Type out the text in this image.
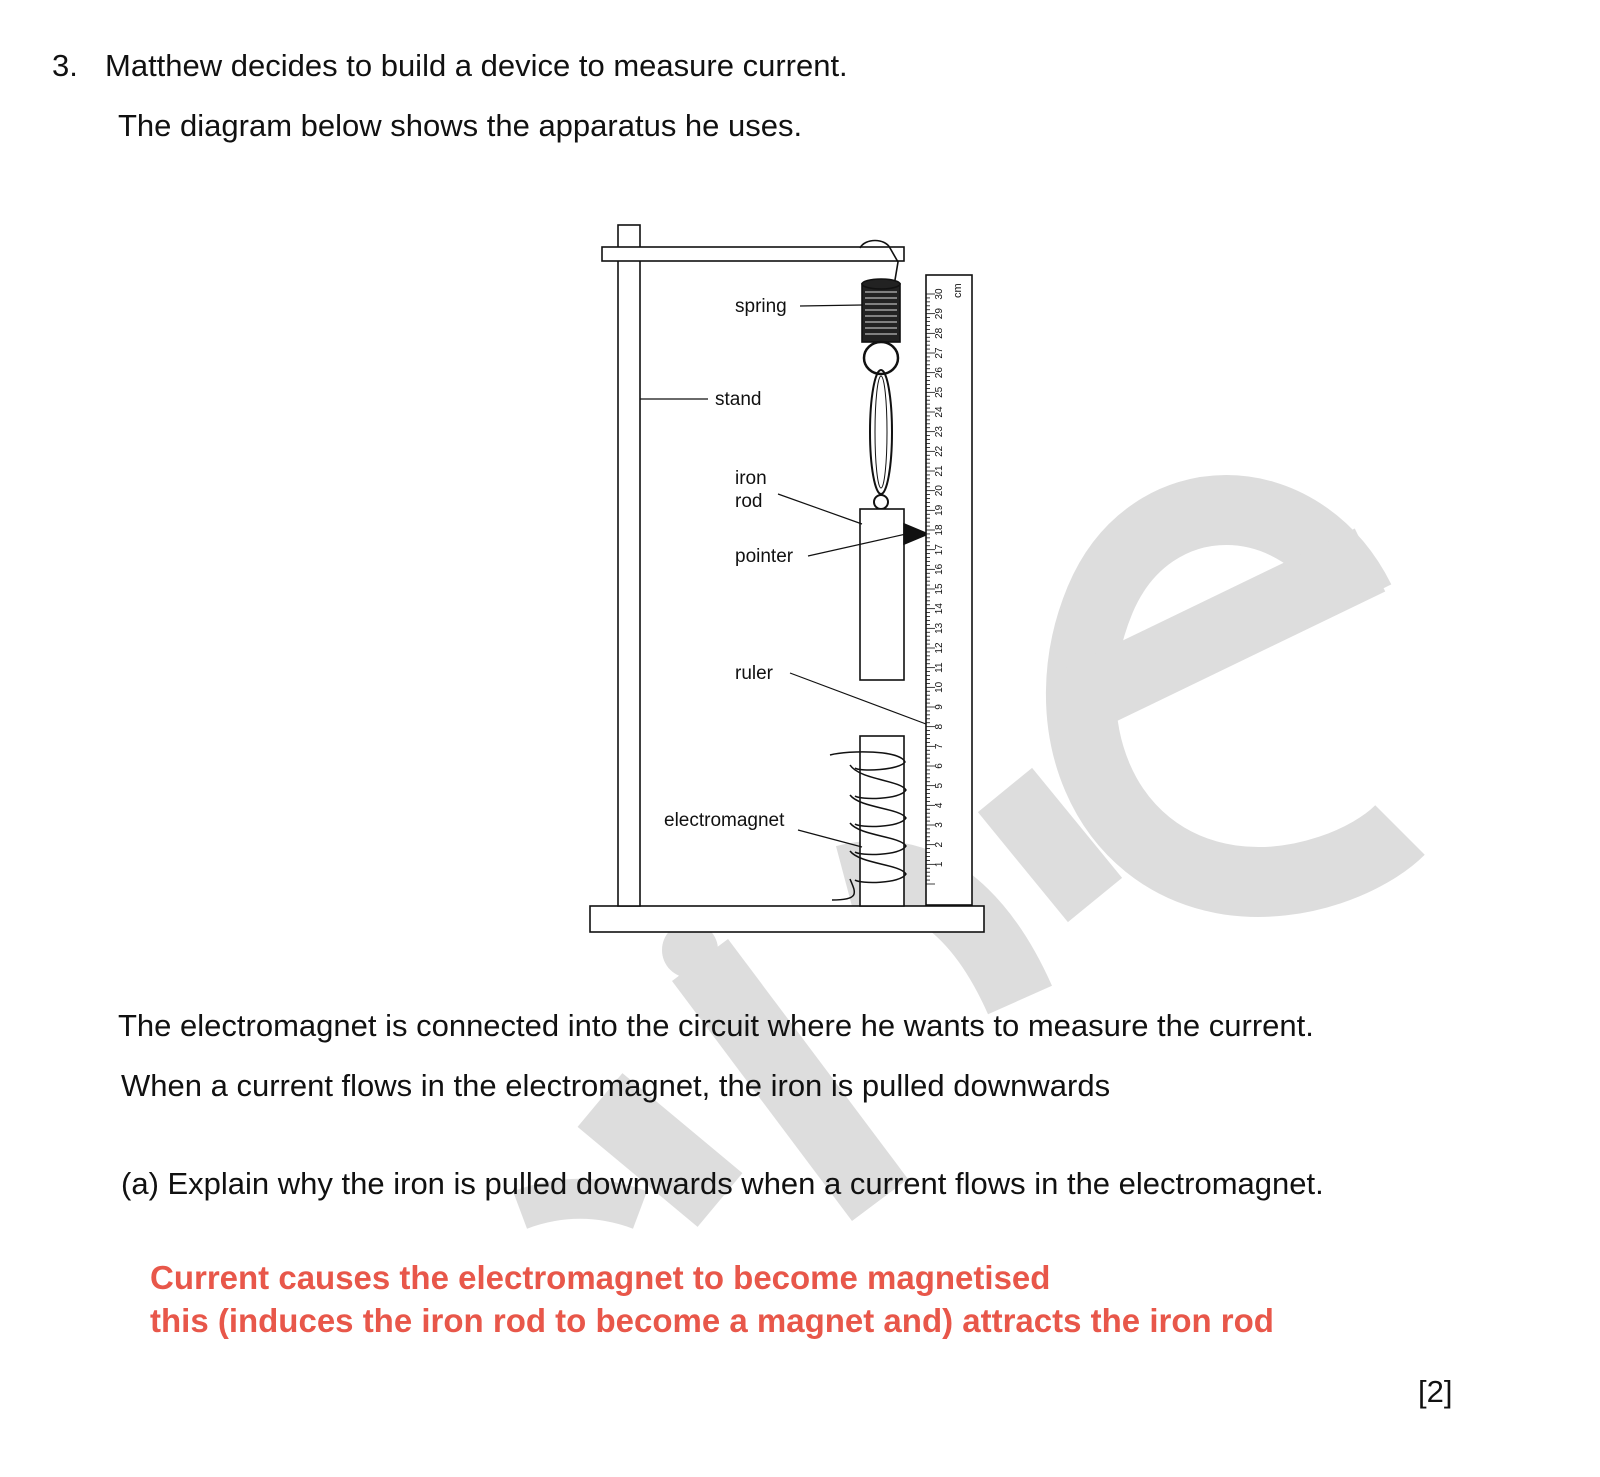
3. Matthew decides to build a device to measure current.
The diagram below shows the apparatus he uses.
1
2
3
4
5
6
7
8
9
10
11
12
13
14
15
16
17
18
19
20
21
22
23
24
25
26
27
28
29
30 cm
spring
stand
iron
rod
pointer
ruler
electromagnet
The electromagnet is connected into the circuit where he wants to measure the current.
When a current flows in the electromagnet, the iron is pulled downwards
(a) Explain why the iron is pulled downwards when a current flows in the electromagnet.
Current causes the electromagnet to become magnetised
this (induces the iron rod to become a magnet and) attracts the iron rod
[2]
